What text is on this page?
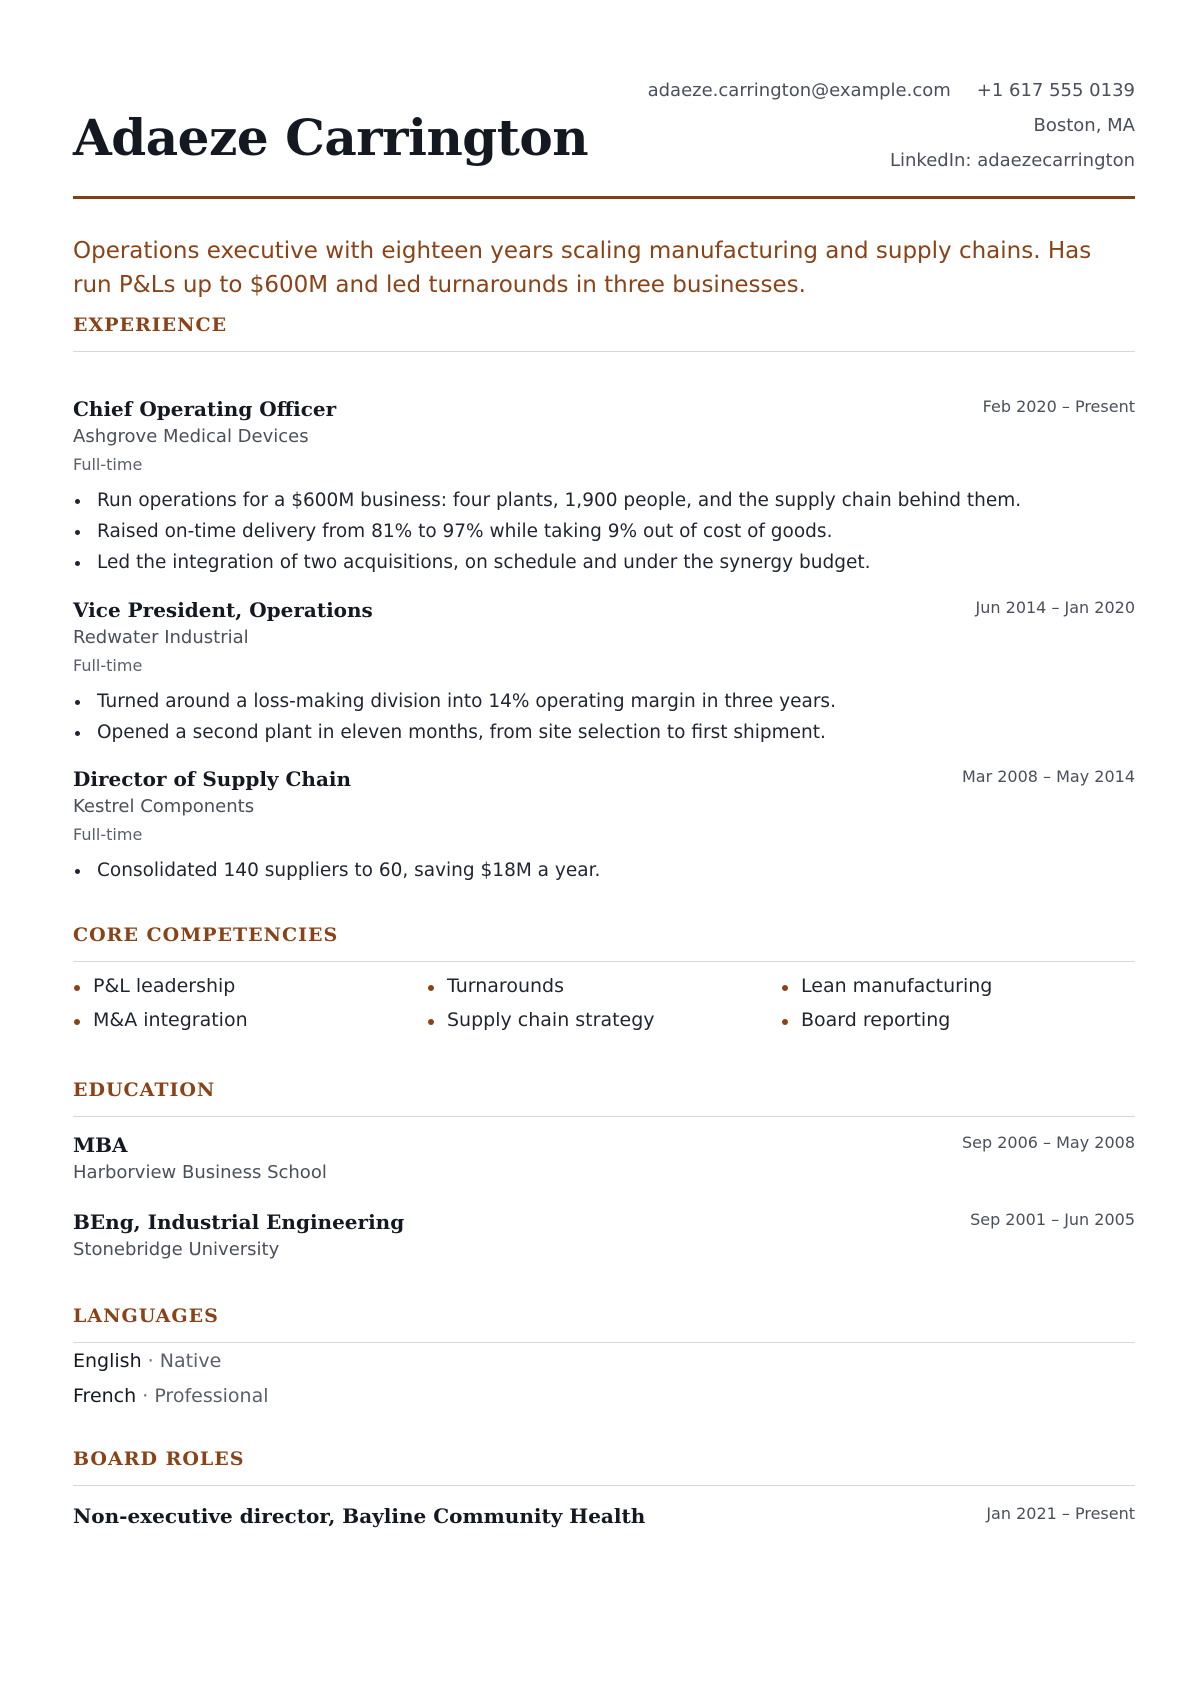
adaeze.carrington@example.com +1 617 555 0139
Boston, MA
LinkedIn: adaezecarrington
Adaeze Carrington
Operations executive with eighteen years scaling manufacturing and supply chains. Has run P&Ls up to $600M and led turnarounds in three businesses.
EXPERIENCE
Chief Operating Officer	Feb 2020 – Present
Ashgrove Medical Devices
Full-time
Run operations for a $600M business: four plants, 1,900 people, and the supply chain behind them.
Raised on-time delivery from 81% to 97% while taking 9% out of cost of goods.
Led the integration of two acquisitions, on schedule and under the synergy budget.
Vice President, Operations	Jun 2014 – Jan 2020
Redwater Industrial
Full-time
Turned around a loss-making division into 14% operating margin in three years.
Opened a second plant in eleven months, from site selection to first shipment.
Director of Supply Chain	Mar 2008 – May 2014
Kestrel Components
Full-time
Consolidated 140 suppliers to 60, saving $18M a year.
CORE COMPETENCIES
P&L leadership	Turnarounds	Lean manufacturing
M&A integration	Supply chain strategy	Board reporting
EDUCATION
MBA	Sep 2006 – May 2008
Harborview Business School
BEng, Industrial Engineering	Sep 2001 – Jun 2005
Stonebridge University
LANGUAGES
English · Native
French · Professional
BOARD ROLES
Non-executive director, Bayline Community Health	Jan 2021 – Present
